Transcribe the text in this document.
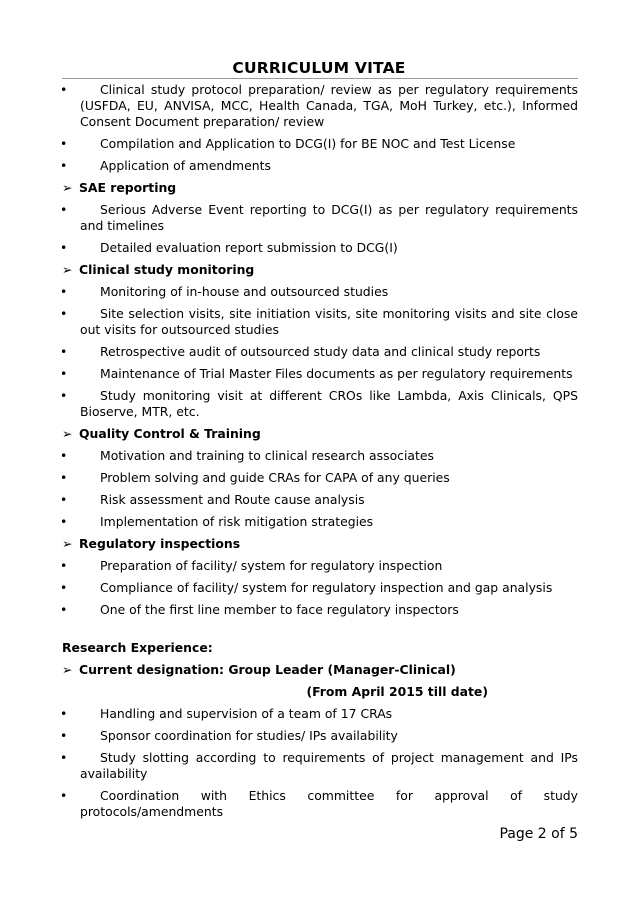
CURRICULUM VITAE
•	Clinical study protocol preparation/ review as per regulatory requirements (USFDA, EU, ANVISA, MCC, Health Canada, TGA, MoH Turkey, etc.), Informed Consent Document preparation/ review
•	Compilation and Application to DCG(I) for BE NOC and Test License
•	Application of amendments
➢ SAE reporting
•	Serious Adverse Event reporting to DCG(I) as per regulatory requirements and timelines
•	Detailed evaluation report submission to DCG(I)
➢ Clinical study monitoring
•	Monitoring of in-house and outsourced studies
•	Site selection visits, site initiation visits, site monitoring visits and site close out visits for outsourced studies
•	Retrospective audit of outsourced study data and clinical study reports
•	Maintenance of Trial Master Files documents as per regulatory requirements
•	Study monitoring visit at different CROs like Lambda, Axis Clinicals, QPS Bioserve, MTR, etc.
➢ Quality Control & Training
•	Motivation and training to clinical research associates
•	Problem solving and guide CRAs for CAPA of any queries
•	Risk assessment and Route cause analysis
•	Implementation of risk mitigation strategies
➢ Regulatory inspections
•	Preparation of facility/ system for regulatory inspection
•	Compliance of facility/ system for regulatory inspection and gap analysis
•	One of the first line member to face regulatory inspectors
Research Experience:
➢ Current designation: Group Leader (Manager-Clinical)
(From April 2015 till date)
•	Handling and supervision of a team of 17 CRAs
•	Sponsor coordination for studies/ IPs availability
•	Study slotting according to requirements of project management and IPs availability
•	Coordination with Ethics committee for approval of study protocols/amendments
Page 2 of 5
